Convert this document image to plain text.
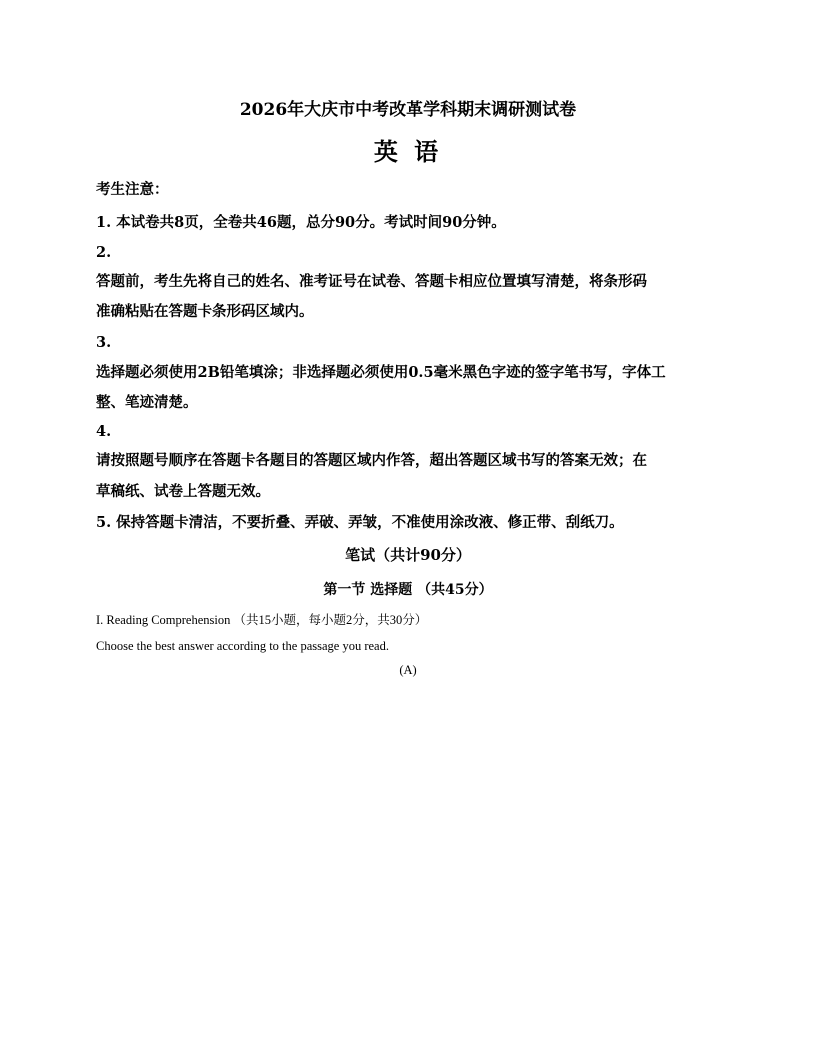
2026年大庆市中考改革学科期末调研测试卷
英 语
考生注意：
1. 本试卷共8页，全卷共46题，总分90分。考试时间90分钟。
2.
答题前，考生先将自己的姓名、准考证号在试卷、答题卡相应位置填写清楚，将条形码
准确粘贴在答题卡条形码区域内。
3.
选择题必须使用2B铅笔填涂；非选择题必须使用0.5毫米黑色字迹的签字笔书写，字体工
整、笔迹清楚。
4.
请按照题号顺序在答题卡各题目的答题区域内作答，超出答题区域书写的答案无效；在
草稿纸、试卷上答题无效。
5. 保持答题卡清洁，不要折叠、弄破、弄皱，不准使用涂改液、修正带、刮纸刀。
笔试（共计90分）
第一节 选择题 （共45分）
I. Reading Comprehension （共15小题，每小题2分，共30分）
Choose the best answer according to the passage you read.
(A)
